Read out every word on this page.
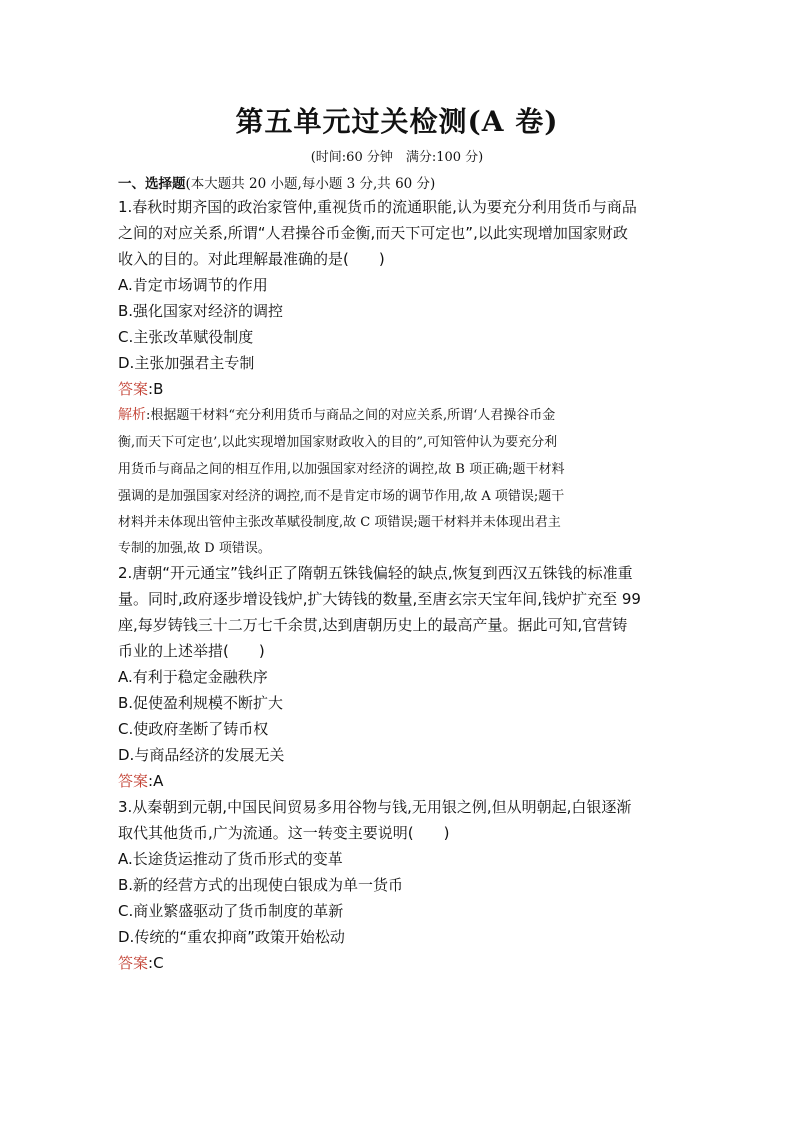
第五单元过关检测(A 卷)
(时间:60 分钟　满分:100 分)
一、选择题(本大题共 20 小题,每小题 3 分,共 60 分)
1.春秋时期齐国的政治家管仲,重视货币的流通职能,认为要充分利用货币与商品
之间的对应关系,所谓“人君操谷币金衡,而天下可定也”,以此实现增加国家财政
收入的目的。对此理解最准确的是(　　)
A.肯定市场调节的作用
B.强化国家对经济的调控
C.主张改革赋役制度
D.主张加强君主专制
答案:B
解析:根据题干材料“充分利用货币与商品之间的对应关系,所谓‘人君操谷币金
衡,而天下可定也’,以此实现增加国家财政收入的目的”,可知管仲认为要充分利
用货币与商品之间的相互作用,以加强国家对经济的调控,故 B 项正确;题干材料
强调的是加强国家对经济的调控,而不是肯定市场的调节作用,故 A 项错误;题干
材料并未体现出管仲主张改革赋役制度,故 C 项错误;题干材料并未体现出君主
专制的加强,故 D 项错误。
2.唐朝“开元通宝”钱纠正了隋朝五铢钱偏轻的缺点,恢复到西汉五铢钱的标准重
量。同时,政府逐步增设钱炉,扩大铸钱的数量,至唐玄宗天宝年间,钱炉扩充至 99
座,每岁铸钱三十二万七千余贯,达到唐朝历史上的最高产量。据此可知,官营铸
币业的上述举措(　　)
A.有利于稳定金融秩序
B.促使盈利规模不断扩大
C.使政府垄断了铸币权
D.与商品经济的发展无关
答案:A
3.从秦朝到元朝,中国民间贸易多用谷物与钱,无用银之例,但从明朝起,白银逐渐
取代其他货币,广为流通。这一转变主要说明(　　)
A.长途货运推动了货币形式的变革
B.新的经营方式的出现使白银成为单一货币
C.商业繁盛驱动了货币制度的革新
D.传统的“重农抑商”政策开始松动
答案:C
